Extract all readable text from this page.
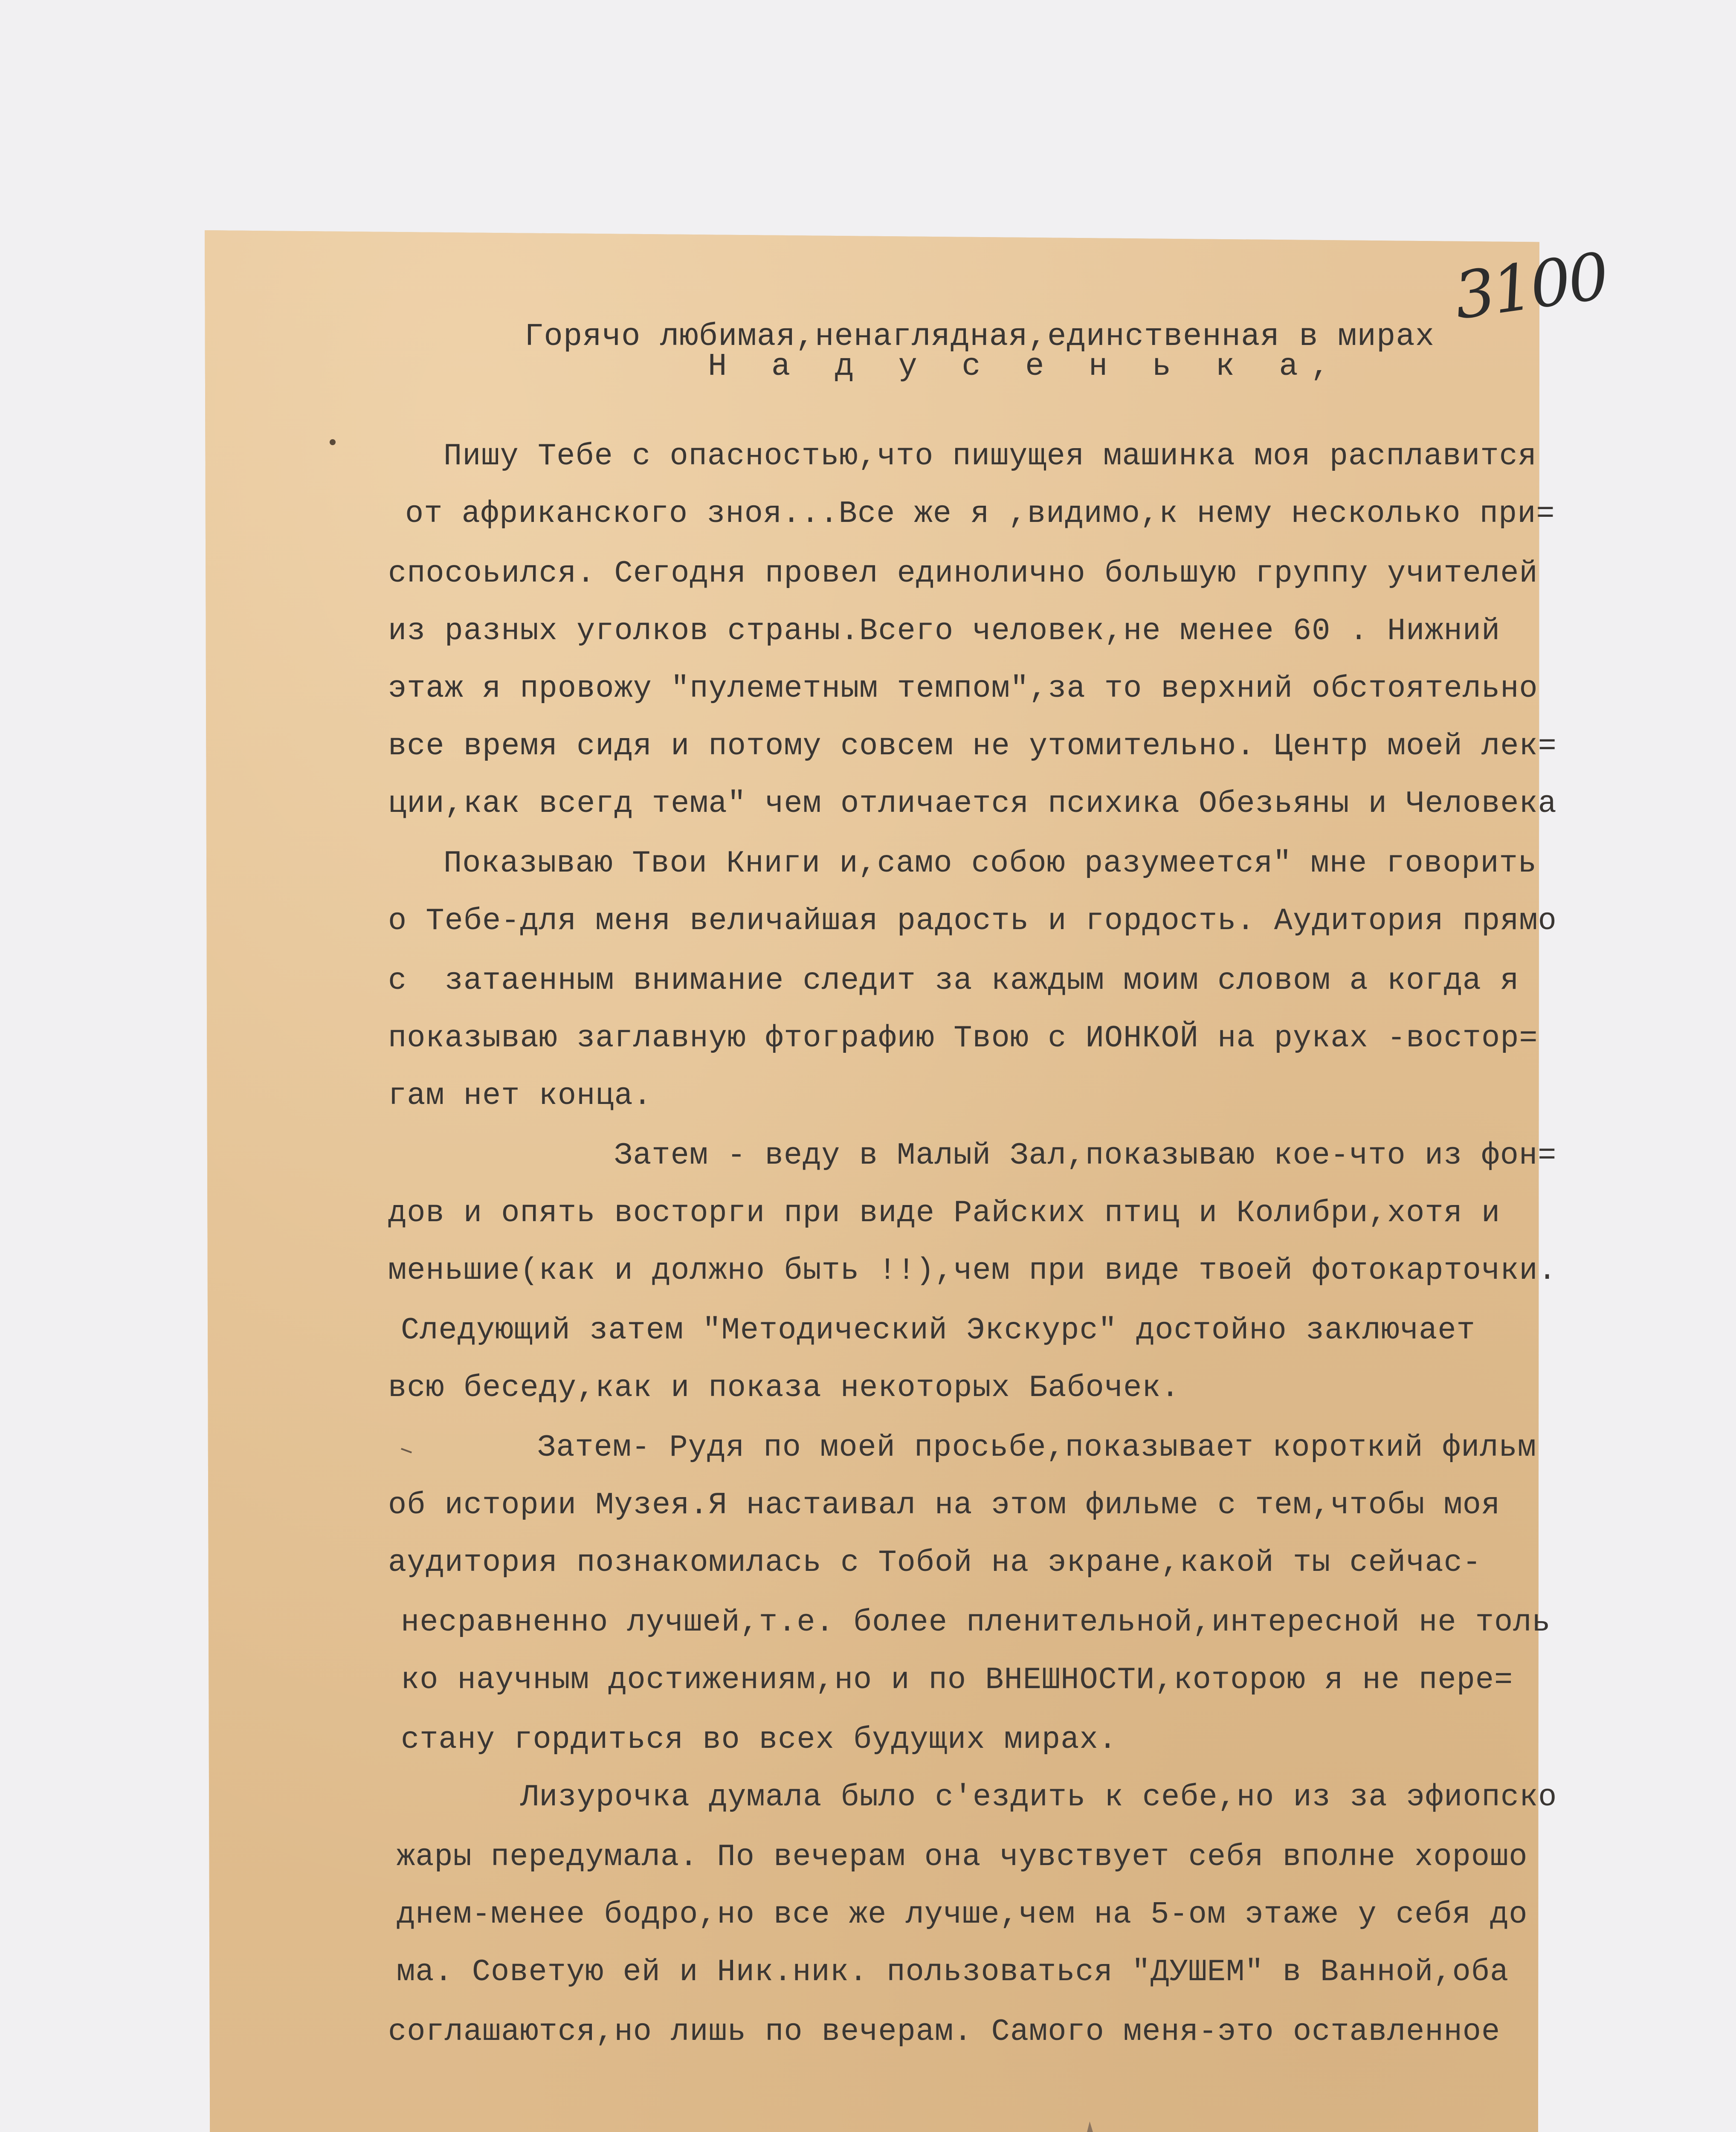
3100
Горячо любимая,ненаглядная,единственная в мирах
Н а д у с е н ь к а,
Пишу Тебе с опасностью,что пишущея машинка моя расплавится
от африканского зноя...Все же я ,видимо,к нему несколько при=
спосоьился. Сегодня провел единолично большую группу учителей
из разных уголков страны.Всего человек,не менее 60 . Нижний
этаж я провожу "пулеметным темпом",за то верхний обстоятельно
все время сидя и потому совсем не утомительно. Центр моей лек=
ции,как всегд тема" чем отличается психика Обезьяны и Человека
Показываю Твои Книги и,само собою разумеется" мне говорить
о Тебе-для меня величайшая радость и гордость. Аудитория прямо
с  затаенным внимание следит за каждым моим словом а когда я
показываю заглавную фтографию Твою с ИОНКОЙ на руках -востор=
гам нет конца.
Затем - веду в Малый Зал,показываю кое-что из фон=
дов и опять восторги при виде Райских птиц и Колибри,хотя и
меньшие(как и должно быть !!),чем при виде твоей фотокарточки.
Следующий затем "Методический Экскурс" достойно заключает
всю беседу,как и показа некоторых Бабочек.
Затем- Рудя по моей просьбе,показывает короткий фильм
об истории Музея.Я настаивал на этом фильме с тем,чтобы моя
аудитория познакомилась с Тобой на экране,какой ты сейчас-
несравненно лучшей,т.е. более пленительной,интересной не толь
ко научным достижениям,но и по ВНЕШНОСТИ,которою я не пере=
стану гордиться во всех будущих мирах.
Лизурочка думала было с'ездить к себе,но из за эфиопско
жары передумала. По вечерам она чувствует себя вполне хорошо
днем-менее бодро,но все же лучше,чем на 5-ом этаже у себя до
ма. Советую ей и Ник.ник. пользоваться "ДУШЕМ" в Ванной,оба
соглашаются,но лишь по вечерам. Самого меня-это оставленное
